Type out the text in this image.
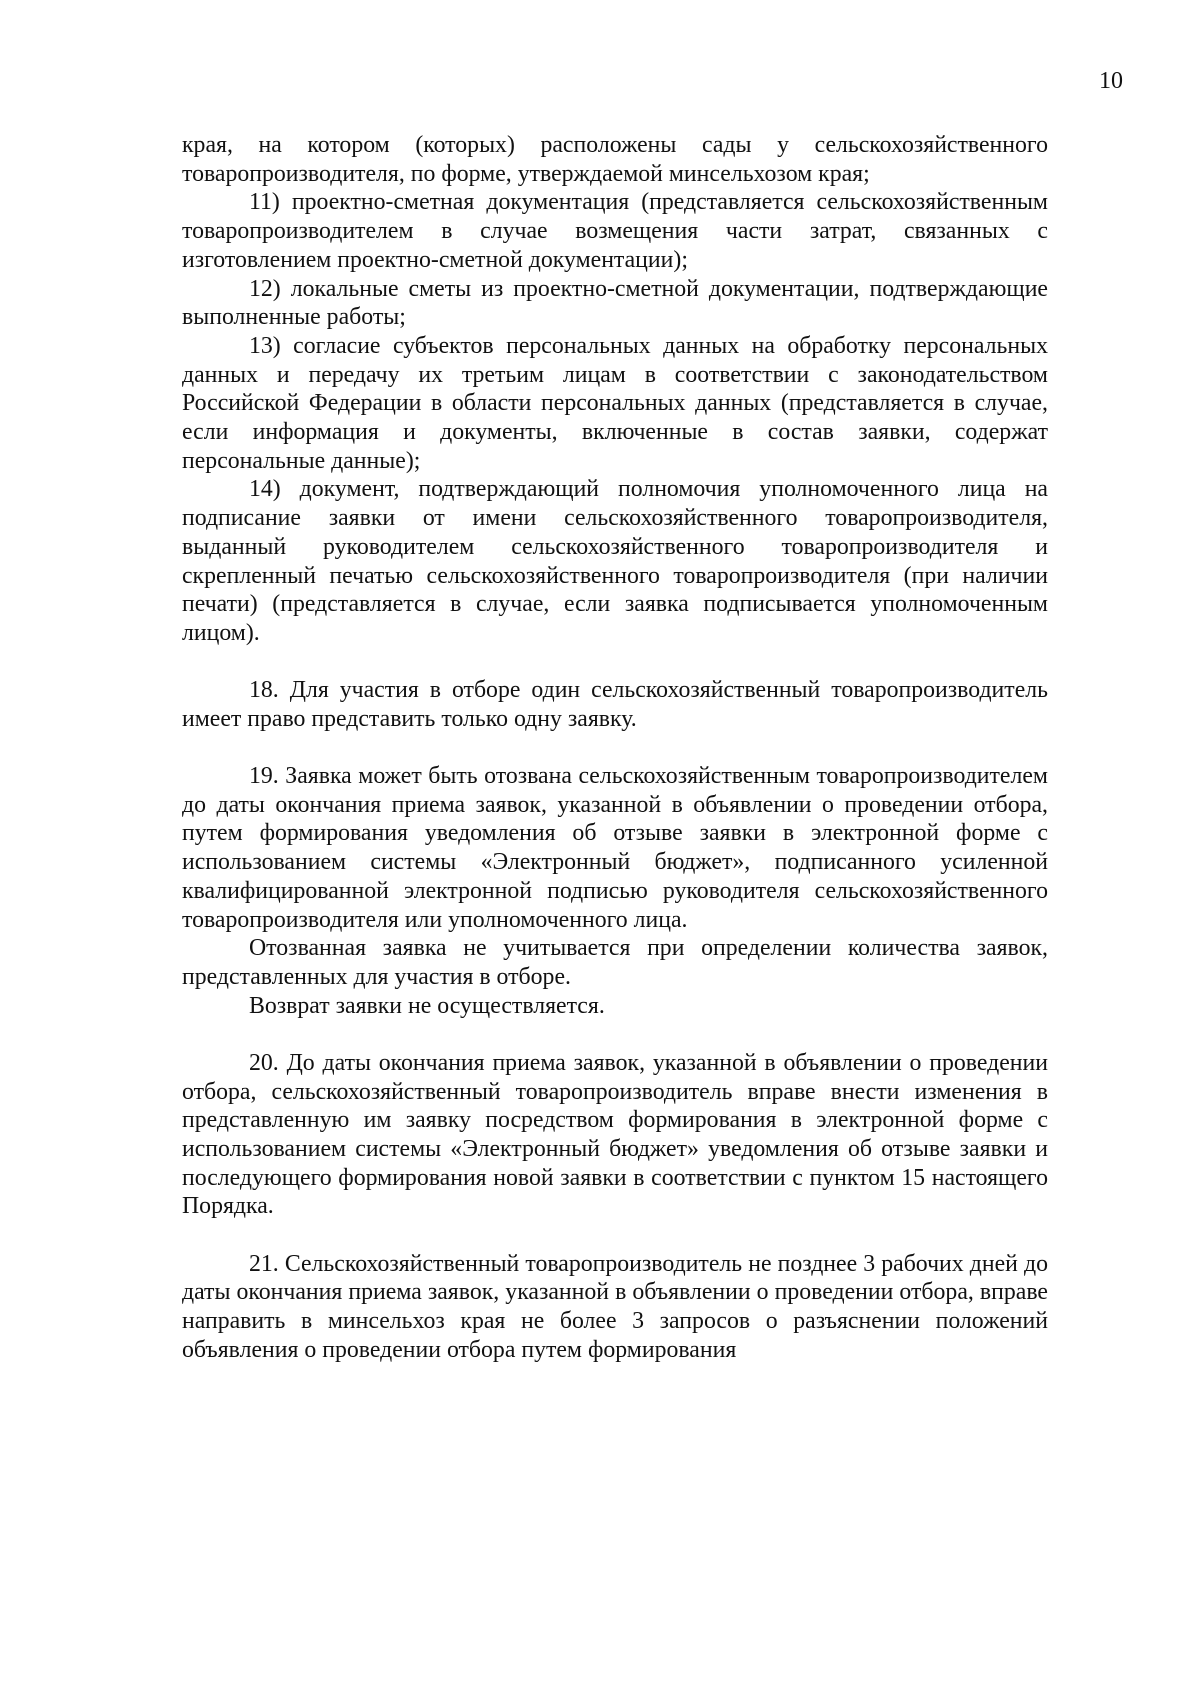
10

края, на котором (которых) расположены сады у сельскохозяйственного товаропроизводителя, по форме, утверждаемой минсельхозом края;

11) проектно-сметная документация (представляется сельскохозяйственным товаропроизводителем в случае возмещения части затрат, связанных с изготовлением проектно-сметной документации);

12) локальные сметы из проектно-сметной документации, подтверждающие выполненные работы;

13) согласие субъектов персональных данных на обработку персональных данных и передачу их третьим лицам в соответствии с законодательством Российской Федерации в области персональных данных (представляется в случае, если информация и документы, включенные в состав заявки, содержат персональные данные);

14) документ, подтверждающий полномочия уполномоченного лица на подписание заявки от имени сельскохозяйственного товаропроизводителя, выданный руководителем сельскохозяйственного товаропроизводителя и скрепленный печатью сельскохозяйственного товаропроизводителя (при наличии печати) (представляется в случае, если заявка подписывается уполномоченным лицом).

18. Для участия в отборе один сельскохозяйственный товаропроизводитель имеет право представить только одну заявку.

19. Заявка может быть отозвана сельскохозяйственным товаропроизводителем до даты окончания приема заявок, указанной в объявлении о проведении отбора, путем формирования уведомления об отзыве заявки в электронной форме с использованием системы «Электронный бюджет», подписанного усиленной квалифицированной электронной подписью руководителя сельскохозяйственного товаропроизводителя или уполномоченного лица.

Отозванная заявка не учитывается при определении количества заявок, представленных для участия в отборе.

Возврат заявки не осуществляется.

20. До даты окончания приема заявок, указанной в объявлении о проведении отбора, сельскохозяйственный товаропроизводитель вправе внести изменения в представленную им заявку посредством формирования в электронной форме с использованием системы «Электронный бюджет» уведомления об отзыве заявки и последующего формирования новой заявки в соответствии с пунктом 15 настоящего Порядка.

21. Сельскохозяйственный товаропроизводитель не позднее 3 рабочих дней до даты окончания приема заявок, указанной в объявлении о проведении отбора, вправе направить в минсельхоз края не более 3 запросов о разъяснении положений объявления о проведении отбора путем формирования
